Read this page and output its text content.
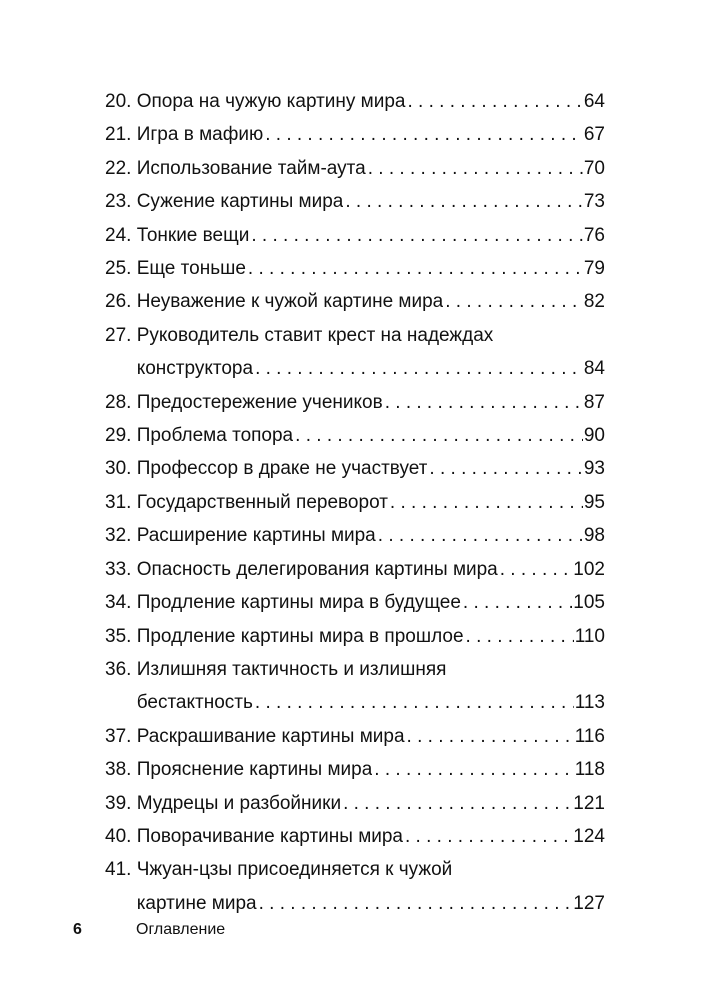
20. Опора на чужую картину мира . . .	64
21. Игра в мафию . . .	67
22. Использование тайм-аута . . .	70
23. Сужение картины мира . . .	73
24. Тонкие вещи . . .	76
25. Еще тоньше . . .	79
26. Неуважение к чужой картине мира . . .	82
27. Руководитель ставит крест на надеждах
конструктора . . .	84
28. Предостережение учеников . . .	87
29. Проблема топора . . .	90
30. Профессор в драке не участвует . . .	93
31. Государственный переворот . . .	95
32. Расширение картины мира . . .	98
33. Опасность делегирования картины мира . . .	102
34. Продление картины мира в будущее . . .	105
35. Продление картины мира в прошлое . . .	110
36. Излишняя тактичность и излишняя
бестактность . . .	113
37. Раскрашивание картины мира . . .	116
38. Прояснение картины мира . . .	118
39. Мудрецы и разбойники . . .	121
40. Поворачивание картины мира . . .	124
41. Чжуан-цзы присоединяется к чужой
картине мира . . .	127
6	Оглавление
